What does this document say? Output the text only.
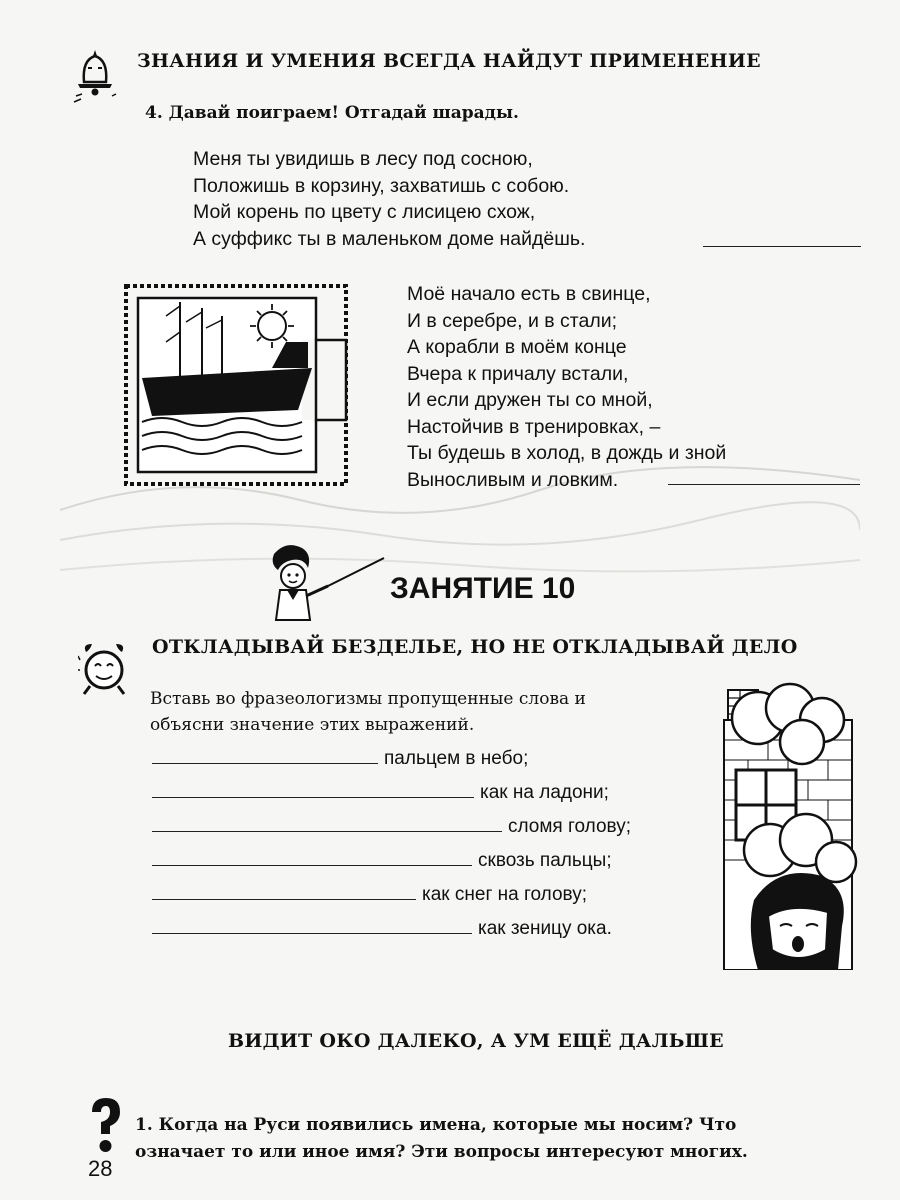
ЗНАНИЯ И УМЕНИЯ ВСЕГДА НАЙДУТ ПРИМЕНЕНИЕ
4. Давай поиграем! Отгадай шарады.
Меня ты увидишь в лесу под сосною,
Положишь в корзину, захватишь с собою.
Мой корень по цвету с лисицею схож,
А суффикс ты в маленьком доме найдёшь.
Моё начало есть в свинце,
И в серебре, и в стали;
А корабли в моём конце
Вчера к причалу встали,
И если дружен ты со мной,
Настойчив в тренировках, –
Ты будешь в холод, в дождь и зной
Выносливым и ловким.
ЗАНЯТИЕ 10
ОТКЛАДЫВАЙ БЕЗДЕЛЬЕ, НО НЕ ОТКЛАДЫВАЙ ДЕЛО
Вставь во фразеологизмы пропущенные слова и
объясни значение этих выражений.
пальцем в небо;
как на ладони;
сломя голову;
сквозь пальцы;
как снег на голову;
как зеницу ока.
ВИДИТ ОКО ДАЛЕКО, А УМ ЕЩЁ ДАЛЬШЕ
1. Когда на Руси появились имена, которые мы носим? Что
означает то или иное имя? Эти вопросы интересуют многих.
28
